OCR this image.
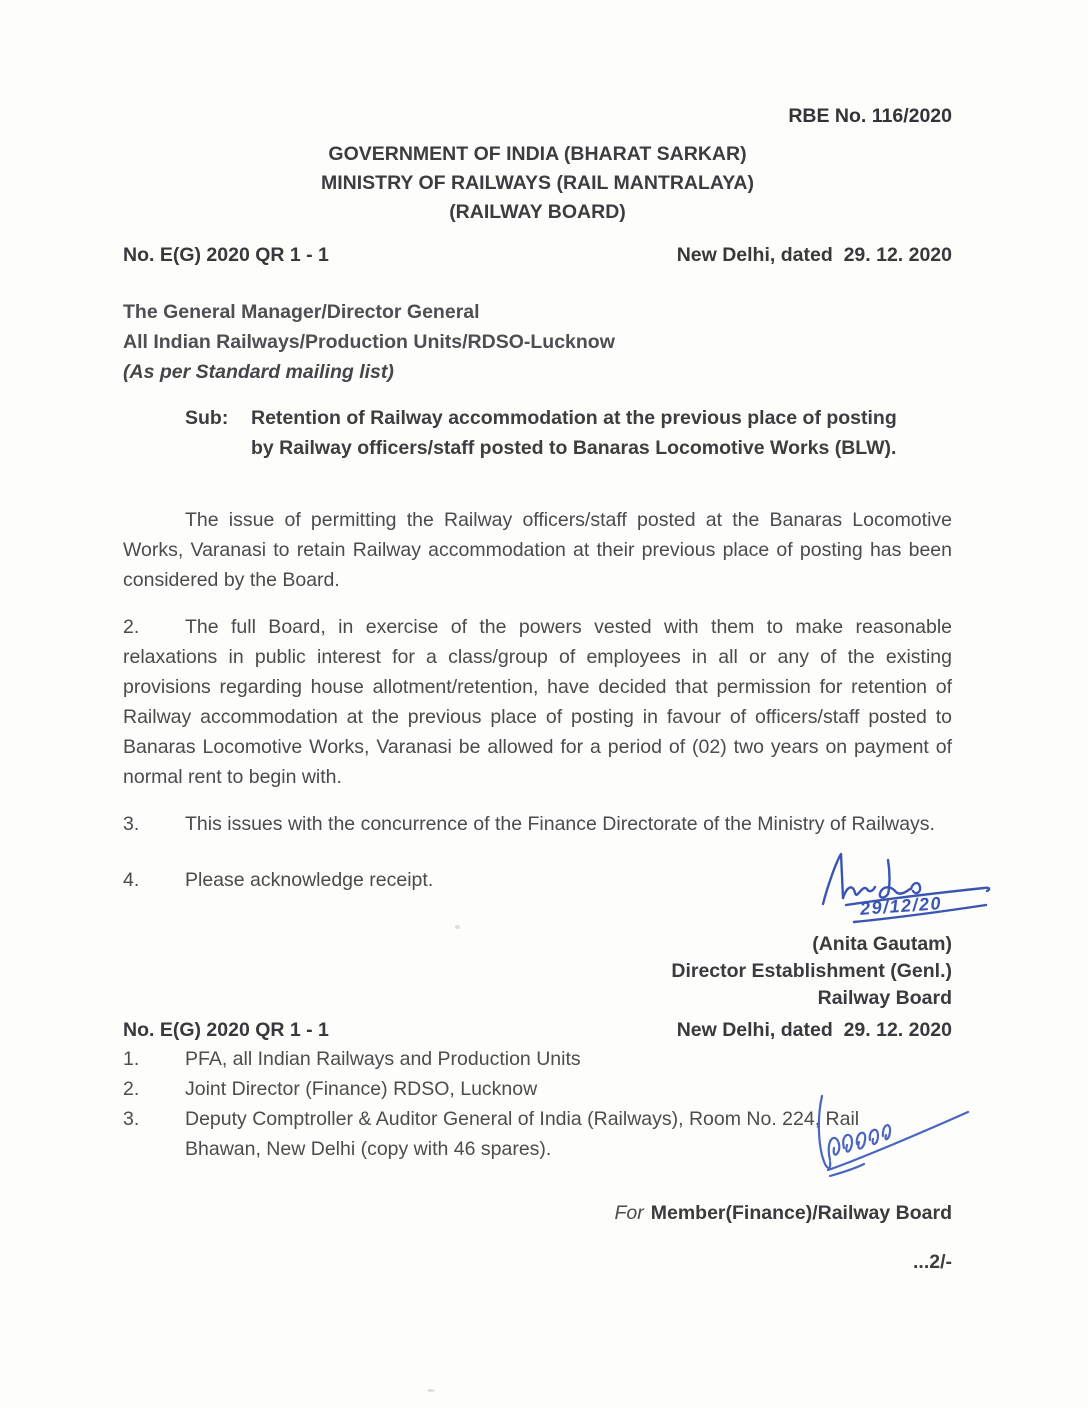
RBE No. 116/2020
GOVERNMENT OF INDIA (BHARAT SARKAR)
MINISTRY OF RAILWAYS (RAIL MANTRALAYA)
(RAILWAY BOARD)
No. E(G) 2020 QR 1 - 1	New Delhi, dated  29. 12. 2020
The General Manager/Director General
All Indian Railways/Production Units/RDSO-Lucknow
(As per Standard mailing list)
Sub:	Retention of Railway accommodation at the previous place of posting by Railway officers/staff posted to Banaras Locomotive Works (BLW).

The issue of permitting the Railway officers/staff posted at the Banaras Locomotive Works, Varanasi to retain Railway accommodation at their previous place of posting has been considered by the Board.

2. The full Board, in exercise of the powers vested with them to make reasonable relaxations in public interest for a class/group of employees in all or any of the existing provisions regarding house allotment/retention, have decided that permission for retention of Railway accommodation at the previous place of posting in favour of officers/staff posted to Banaras Locomotive Works, Varanasi be allowed for a period of (02) two years on payment of normal rent to begin with.

3. This issues with the concurrence of the Finance Directorate of the Ministry of Railways.

4. Please acknowledge receipt.

(Anita Gautam)
Director Establishment (Genl.)
Railway Board
No. E(G) 2020 QR 1 - 1	New Delhi, dated  29. 12. 2020
1.	PFA, all Indian Railways and Production Units
2.	Joint Director (Finance) RDSO, Lucknow
3.	Deputy Comptroller & Auditor General of India (Railways), Room No. 224, Rail Bhawan, New Delhi (copy with 46 spares).
For Member(Finance)/Railway Board
...2/-
29/12/20
